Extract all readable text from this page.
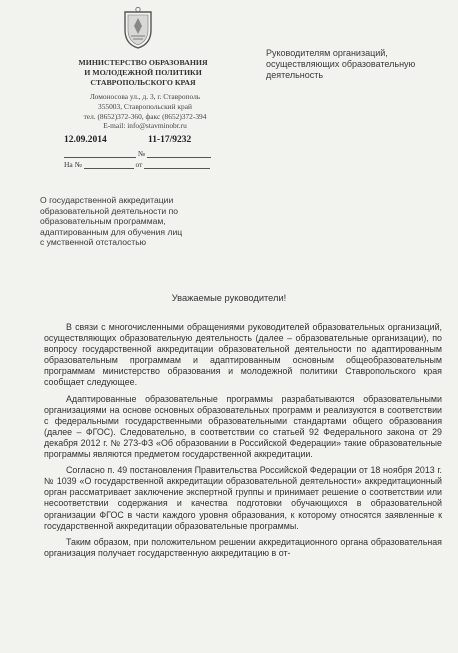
МИНИСТЕРСТВО ОБРАЗОВАНИЯ
И МОЛОДЕЖНОЙ ПОЛИТИКИ
СТАВРОПОЛЬСКОГО КРАЯ
Ломоносова ул., д. 3, г. Ставрополь
355003, Ставропольский край
тел. (8652)372-360, факс (8652)372-394
E-mail: info@stavminobr.ru
12.09.2014	11-17/9232
№
На №	от
Руководителям организаций,
осуществляющих образовательную
деятельность
О государственной аккредитации
образовательной деятельности по
образовательным программам,
адаптированным для обучения лиц
с умственной отсталостью
Уважаемые руководители!

В связи с многочисленными обращениями руководителей образовательных организаций, осуществляющих образовательную деятельность (далее – образовательные организации), по вопросу государственной аккредитации образовательной деятельности по адаптированным образовательным программам и адаптированным основным общеобразовательным программам министерство образования и молодежной политики Ставропольского края сообщает следующее.

Адаптированные образовательные программы разрабатываются образовательными организациями на основе основных образовательных программ и реализуются в соответствии с федеральными государственными образовательными стандартами общего образования (далее – ФГОС). Следовательно, в соответствии со статьей 92 Федерального закона от 29 декабря 2012 г. № 273-ФЗ «Об образовании в Российской Федерации» такие образовательные программы являются предметом государственной аккредитации.

Согласно п. 49 постановления Правительства Российской Федерации от 18 ноября 2013 г. № 1039 «О государственной аккредитации образовательной деятельности» аккредитационный орган рассматривает заключение экспертной группы и принимает решение о соответствии или несоответствии содержания и качества подготовки обучающихся в образовательной организации ФГОС в части каждого уровня образования, к которому относятся заявленные к государственной аккредитации образовательные программы.

Таким образом, при положительном решении аккредитационного органа образовательная организация получает государственную аккредитацию в от-
